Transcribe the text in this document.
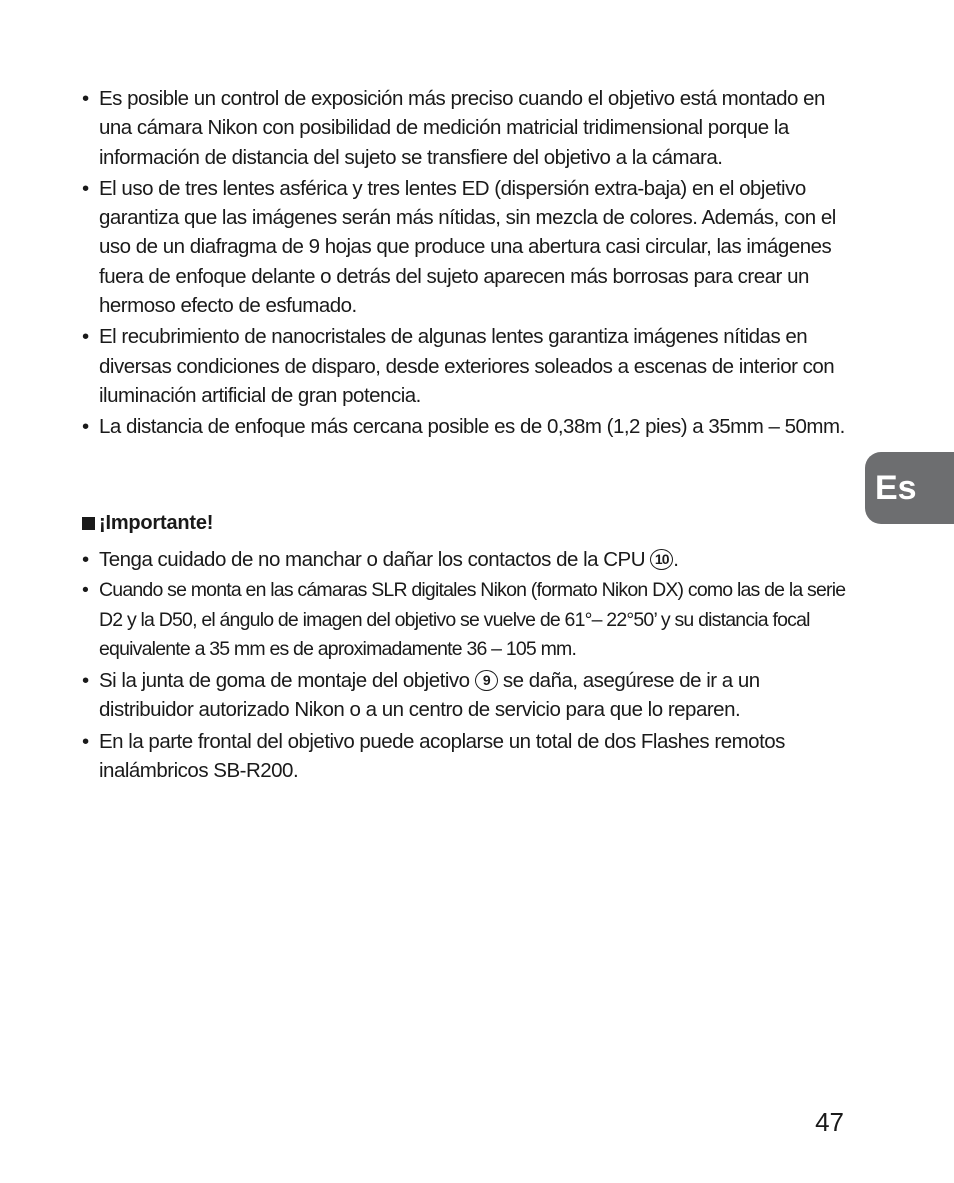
• Es posible un control de exposición más preciso cuando el objetivo está montado en una cámara Nikon con posibilidad de medición matricial tridimensional porque la información de distancia del sujeto se transfiere del objetivo a la cámara.
• El uso de tres lentes asférica y tres lentes ED (dispersión extra-baja) en el objetivo garantiza que las imágenes serán más nítidas, sin mezcla de colores. Además, con el uso de un diafragma de 9 hojas que produce una abertura casi circular, las imágenes fuera de enfoque delante o detrás del sujeto aparecen más borrosas para crear un hermoso efecto de esfumado.
• El recubrimiento de nanocristales de algunas lentes garantiza imágenes nítidas en diversas condiciones de disparo, desde exteriores soleados a escenas de interior con iluminación artificial de gran potencia.
• La distancia de enfoque más cercana posible es de 0,38m (1,2 pies) a 35mm – 50mm.
¡Importante!
• Tenga cuidado de no manchar o dañar los contactos de la CPU 10 .
• Cuando se monta en las cámaras SLR digitales Nikon (formato Nikon DX) como las de la serie D2 y la D50, el ángulo de imagen del objetivo se vuelve de 61°– 22°50’ y su distancia focal equivalente a 35 mm es de aproximadamente 36 – 105 mm.
• Si la junta de goma de montaje del objetivo 9 se daña, asegúrese de ir a un distribuidor autorizado Nikon o a un centro de servicio para que lo reparen.
• En la parte frontal del objetivo puede acoplarse un total de dos Flashes remotos inalámbricos SB-R200.
Es
47
